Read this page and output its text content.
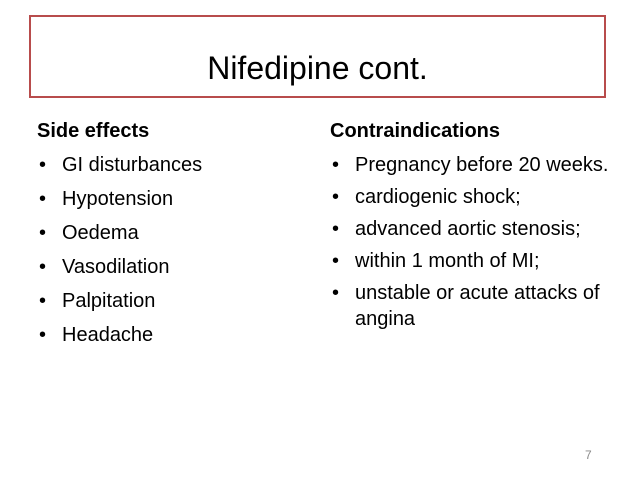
Nifedipine cont.
Side effects
• GI disturbances
• Hypotension
• Oedema
• Vasodilation
• Palpitation
• Headache
Contraindications
• Pregnancy before 20 weeks.
• cardiogenic shock;
• advanced aortic stenosis;
• within 1 month of MI;
• unstable or acute attacks of angina
7
